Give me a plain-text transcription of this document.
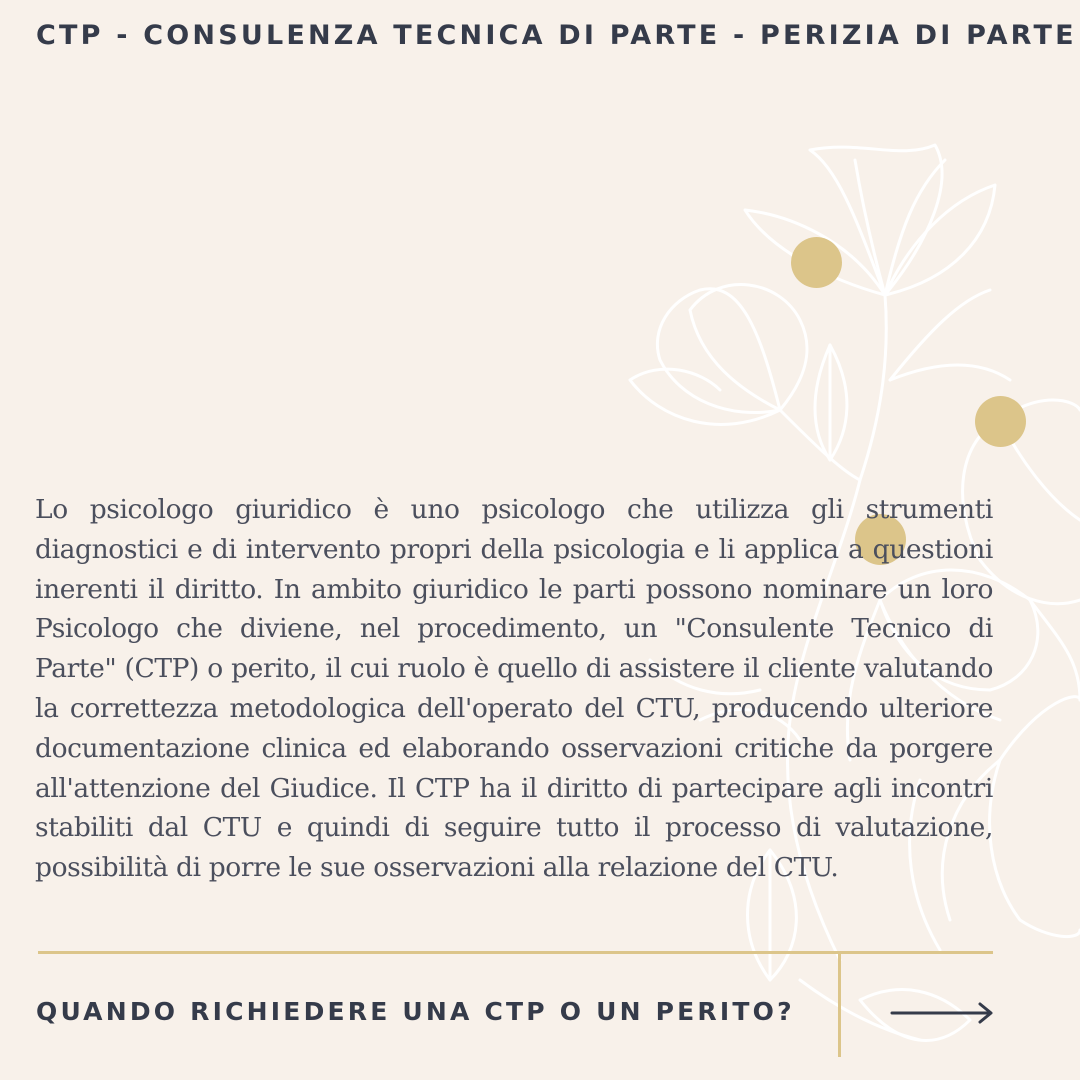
CTP - CONSULENZA TECNICA DI PARTE - PERIZIA DI PARTE
Lo psicologo giuridico è uno psicologo che utilizza gli strumenti diagnostici e di intervento propri della psicologia e li applica a questioni inerenti il diritto. In ambito giuridico le parti possono nominare un loro Psicologo che diviene, nel procedimento, un "Consulente Tecnico di Parte" (CTP) o perito, il cui ruolo è quello di assistere il cliente valutando la correttezza metodologica dell'operato del CTU, producendo ulteriore documentazione clinica ed elaborando osservazioni critiche da porgere all'attenzione del Giudice. Il CTP ha il diritto di partecipare agli incontri stabiliti dal CTU e quindi di seguire tutto il processo di valutazione, possibilità di porre le sue osservazioni alla relazione del CTU.
QUANDO RICHIEDERE UNA CTP O UN PERITO?
